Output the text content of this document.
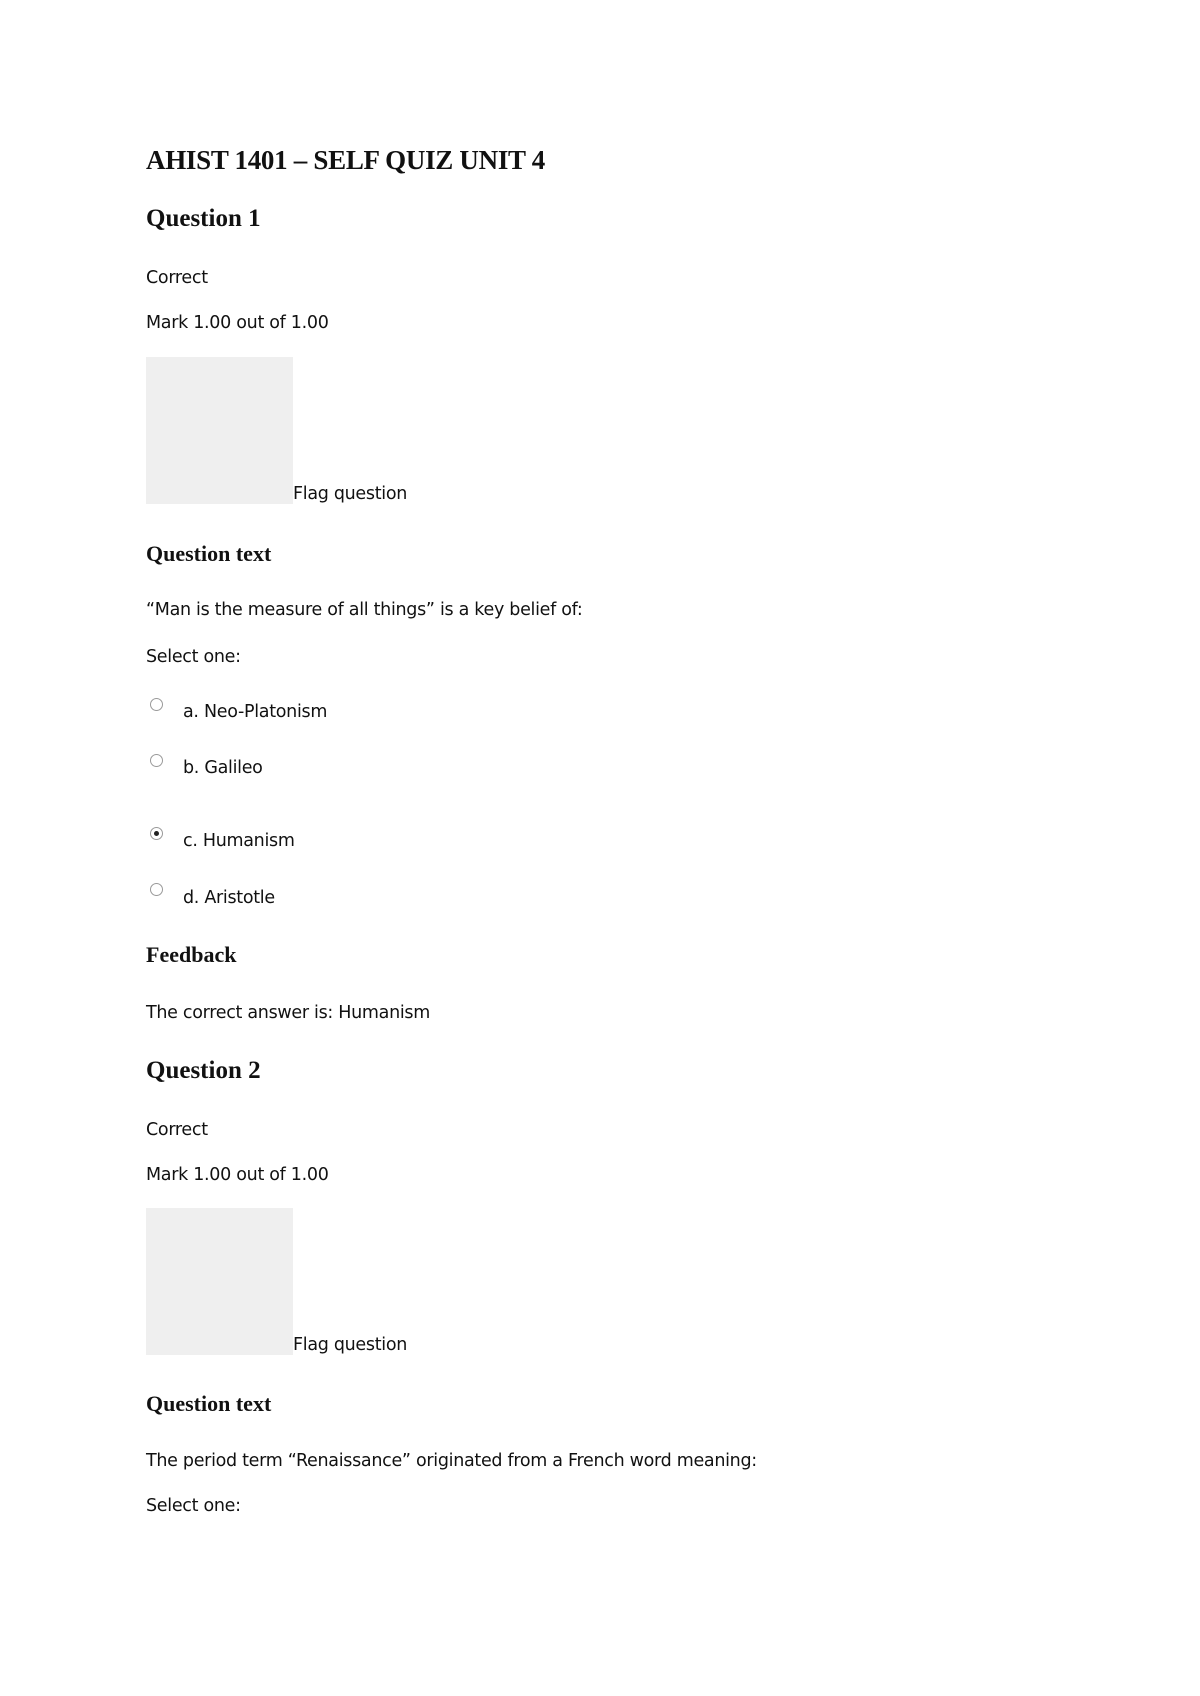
AHIST 1401 – SELF QUIZ UNIT 4
Question 1
Correct
Mark 1.00 out of 1.00
Flag question
Question text
“Man is the measure of all things” is a key belief of:
Select one:
a. Neo-Platonism
b. Galileo
c. Humanism
d. Aristotle
Feedback
The correct answer is: Humanism
Question 2
Correct
Mark 1.00 out of 1.00
Flag question
Question text
The period term “Renaissance” originated from a French word meaning:
Select one:
